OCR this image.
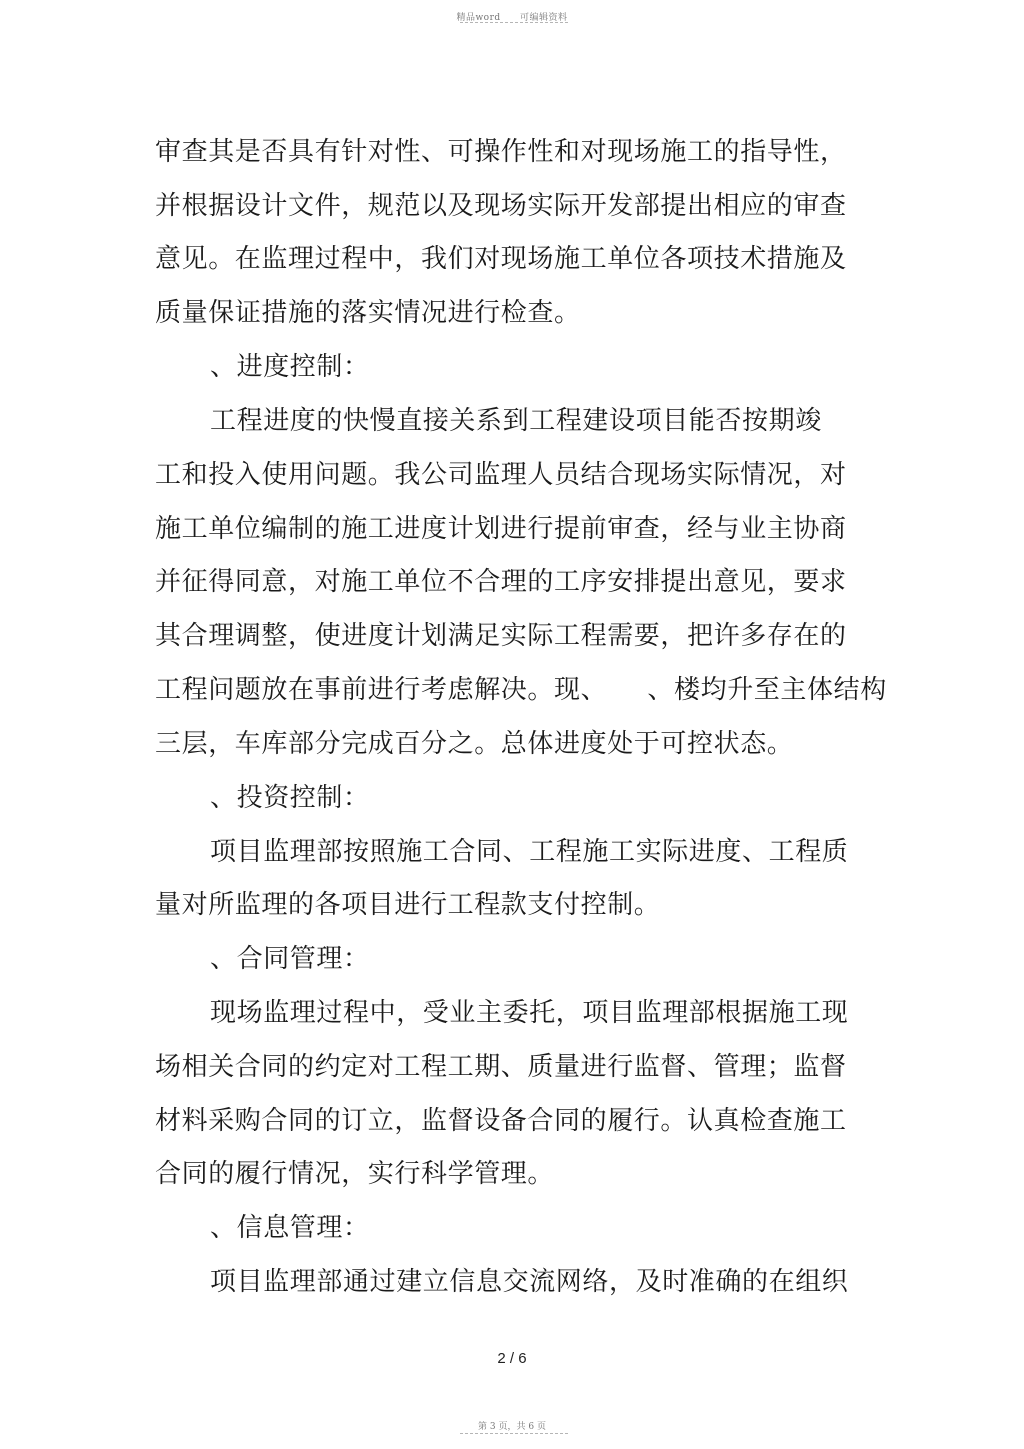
精品word 可编辑资料
审查其是否具有针对性、可操作性和对现场施工的指导性，
并根据设计文件，规范以及现场实际开发部提出相应的审查
意见。在监理过程中，我们对现场施工单位各项技术措施及
质量保证措施的落实情况进行检查。
、进度控制：
工程进度的快慢直接关系到工程建设项目能否按期竣
工和投入使用问题。我公司监理人员结合现场实际情况，对
施工单位编制的施工进度计划进行提前审查，经与业主协商
并征得同意，对施工单位不合理的工序安排提出意见，要求
其合理调整，使进度计划满足实际工程需要，把许多存在的
工程问题放在事前进行考虑解决。现、　　、楼均升至主体结构
三层，车库部分完成百分之。总体进度处于可控状态。
、投资控制：
项目监理部按照施工合同、工程施工实际进度、工程质
量对所监理的各项目进行工程款支付控制。
、合同管理：
现场监理过程中，受业主委托，项目监理部根据施工现
场相关合同的约定对工程工期、质量进行监督、管理；监督
材料采购合同的订立，监督设备合同的履行。认真检查施工
合同的履行情况，实行科学管理。
、信息管理：
项目监理部通过建立信息交流网络，及时准确的在组织
2 / 6
第 3 页，共 6 页
